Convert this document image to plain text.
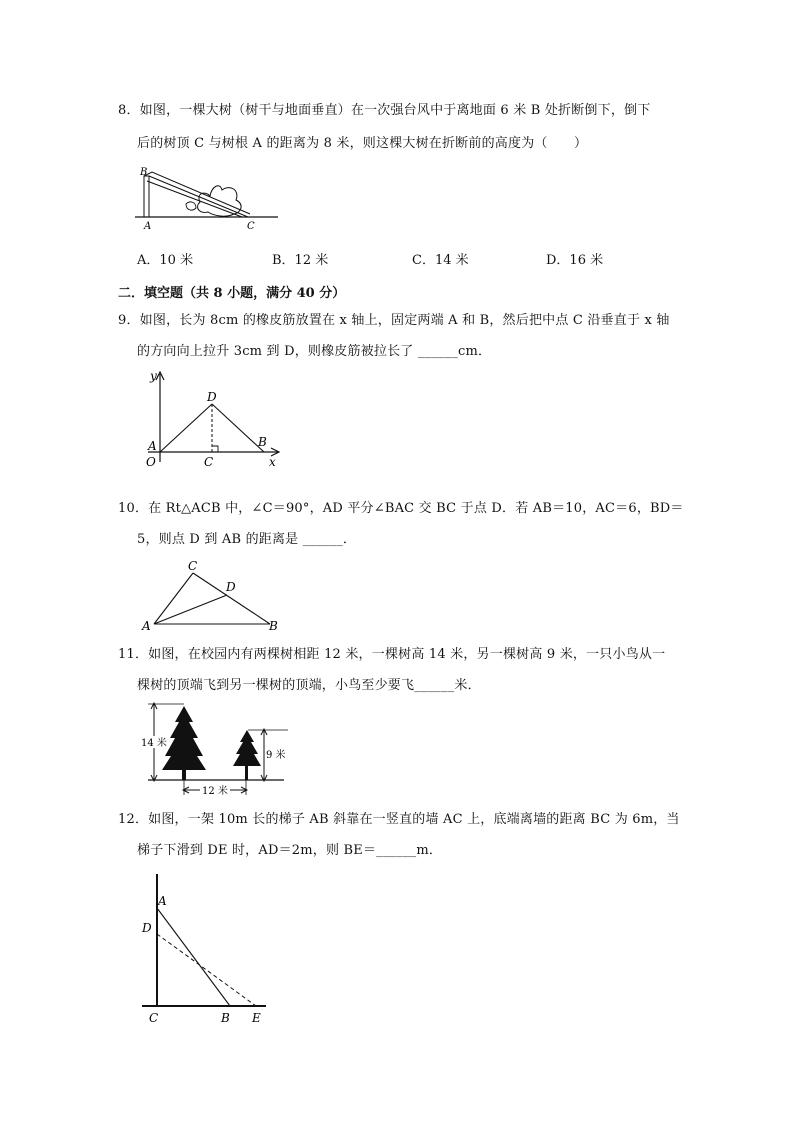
8．如图，一棵大树（树干与地面垂直）在一次强台风中于离地面 6 米 B 处折断倒下，倒下
后的树顶 C 与树根 A 的距离为 8 米，则这棵大树在折断前的高度为（　　）
B
A	C
A．10 米	B．12 米	C．14 米	D．16 米
二．填空题（共 8 小题，满分 40 分）
9．如图，长为 8cm 的橡皮筋放置在 x 轴上，固定两端 A 和 B，然后把中点 C 沿垂直于 x 轴
的方向向上拉升 3cm 到 D，则橡皮筋被拉长了 ______cm．
y
D
A	B
O	C	x
10．在 Rt△ACB 中，∠C＝90°，AD 平分∠BAC 交 BC 于点 D．若 AB＝10，AC＝6，BD＝
5，则点 D 到 AB 的距离是 ______．
C
D
A	B
11．如图，在校园内有两棵树相距 12 米，一棵树高 14 米，另一棵树高 9 米，一只小鸟从一
棵树的顶端飞到另一棵树的顶端，小鸟至少要飞______米．
14 米
9 米
12 米
12．如图，一架 10m 长的梯子 AB 斜靠在一竖直的墙 AC 上，底端离墙的距离 BC 为 6m，当
梯子下滑到 DE 时，AD＝2m，则 BE＝______m．
A
D
C	B E
